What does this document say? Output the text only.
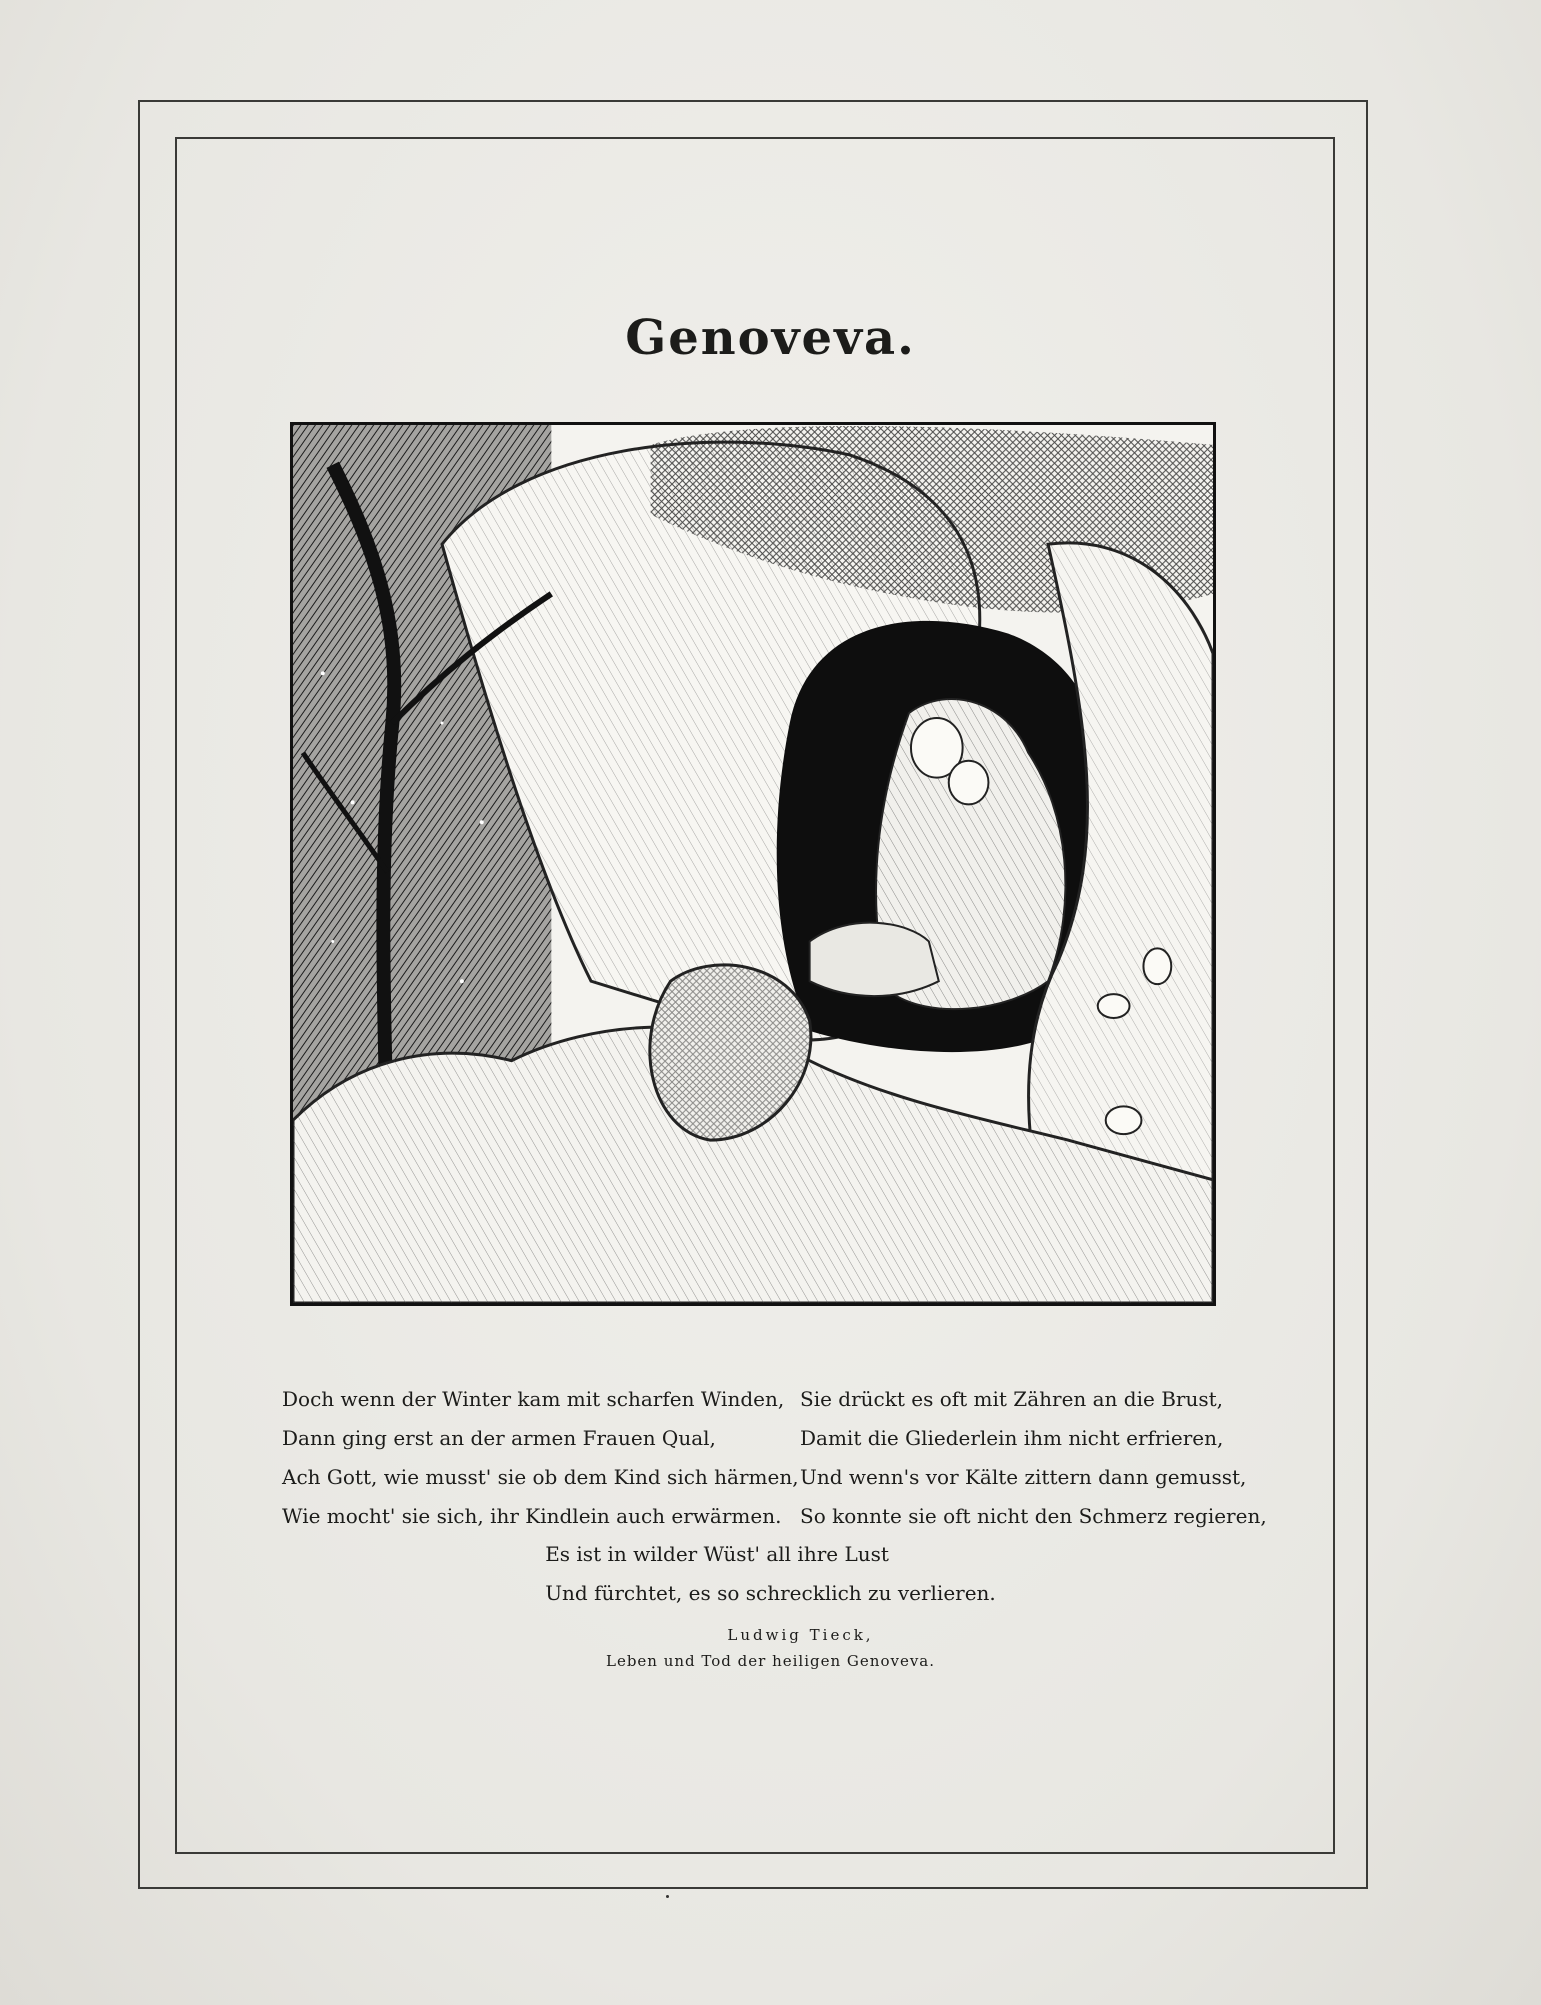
Genoveva.
Doch wenn der Winter kam mit scharfen Winden,
Dann ging erst an der armen Frauen Qual,
Ach Gott, wie musst' sie ob dem Kind sich härmen,
Wie mocht' sie sich, ihr Kindlein auch erwärmen.
Sie drückt es oft mit Zähren an die Brust,
Damit die Gliederlein ihm nicht erfrieren,
Und wenn's vor Kälte zittern dann gemusst,
So konnte sie oft nicht den Schmerz regieren,
Es ist in wilder Wüst' all ihre Lust
Und fürchtet, es so schrecklich zu verlieren.
Ludwig Tieck,
Leben und Tod der heiligen Genoveva.
